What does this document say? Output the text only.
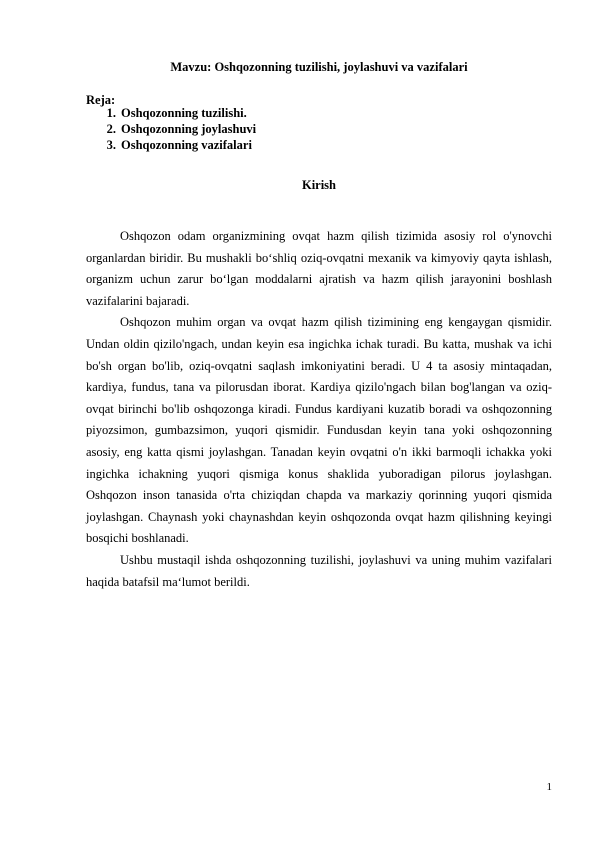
Mavzu: Oshqozonning tuzilishi, joylashuvi va vazifalari
Reja:
1. Oshqozonning tuzilishi.
2. Oshqozonning joylashuvi
3. Oshqozonning vazifalari
Kirish

Oshqozon odam organizmining ovqat hazm qilish tizimida asosiy rol o'ynovchi organlardan biridir. Bu mushakli bo‘shliq oziq-ovqatni mexanik va kimyoviy qayta ishlash, organizm uchun zarur bo‘lgan moddalarni ajratish va hazm qilish jarayonini boshlash vazifalarini bajaradi.

Oshqozon muhim organ va ovqat hazm qilish tizimining eng kengaygan qismidir. Undan oldin qizilo'ngach, undan keyin esa ingichka ichak turadi. Bu katta, mushak va ichi bo'sh organ bo'lib, oziq-ovqatni saqlash imkoniyatini beradi. U 4 ta asosiy mintaqadan, kardiya, fundus, tana va pilorusdan iborat. Kardiya qizilo'ngach bilan bog'langan va oziq-ovqat birinchi bo'lib oshqozonga kiradi. Fundus kardiyani kuzatib boradi va oshqozonning piyozsimon, gumbazsimon, yuqori qismidir. Fundusdan keyin tana yoki oshqozonning asosiy, eng katta qismi joylashgan. Tanadan keyin ovqatni o'n ikki barmoqli ichakka yoki ingichka ichakning yuqori qismiga konus shaklida yuboradigan pilorus joylashgan. Oshqozon inson tanasida o'rta chiziqdan chapda va markaziy qorinning yuqori qismida joylashgan. Chaynash yoki chaynashdan keyin oshqozonda ovqat hazm qilishning keyingi bosqichi boshlanadi.

Ushbu mustaqil ishda oshqozonning tuzilishi, joylashuvi va uning muhim vazifalari haqida batafsil ma‘lumot berildi.

1
